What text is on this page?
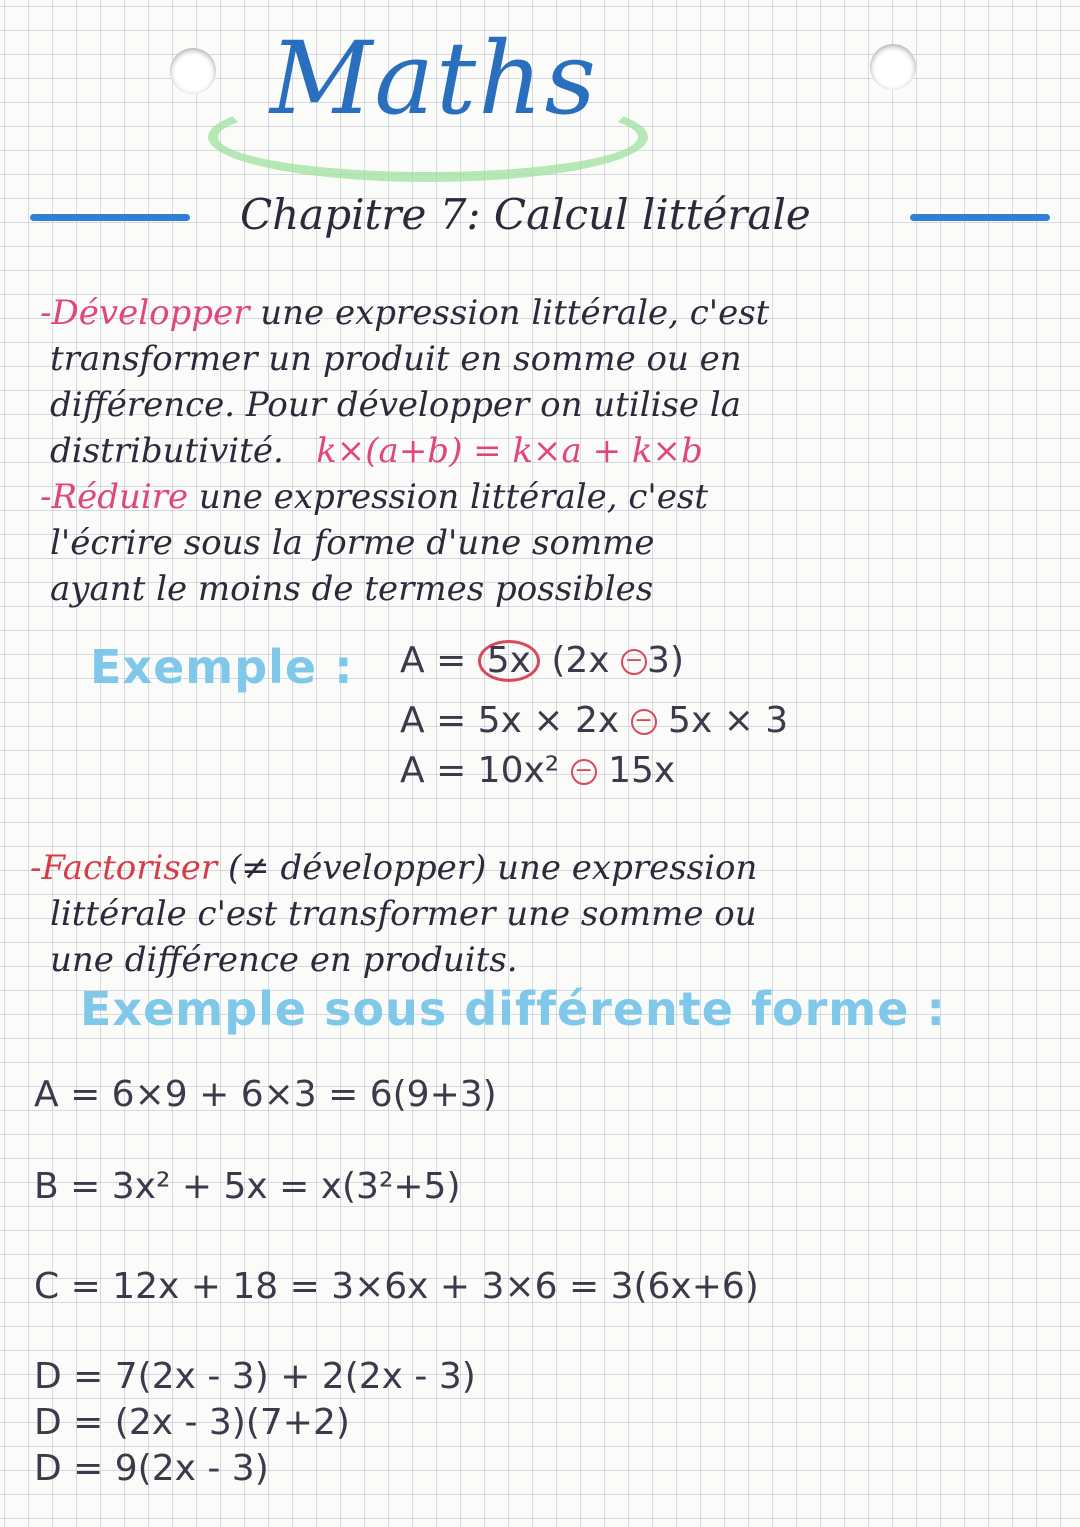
Maths
Chapitre 7: Calcul littérale
-Développer une expression littérale, c'est
transformer un produit en somme ou en
différence. Pour développer on utilise la
distributivité. k×(a+b) = k×a + k×b
-Réduire une expression littérale, c'est
l'écrire sous la forme d'une somme
ayant le moins de termes possibles
Exemple : A = 5x (2x − 3)
A = 5x × 2x − 5x × 3
A = 10x² − 15x
-Factoriser (≠ développer) une expression
littérale c'est transformer une somme ou
une différence en produits.
Exemple sous différente forme :
A = 6×9 + 6×3 = 6(9+3)
B = 3x² + 5x = x(3²+5)
C = 12x + 18 = 3×6x + 3×6 = 3(6x+6)
D = 7(2x - 3) + 2(2x - 3)
D = (2x - 3)(7+2)
D = 9(2x - 3)
